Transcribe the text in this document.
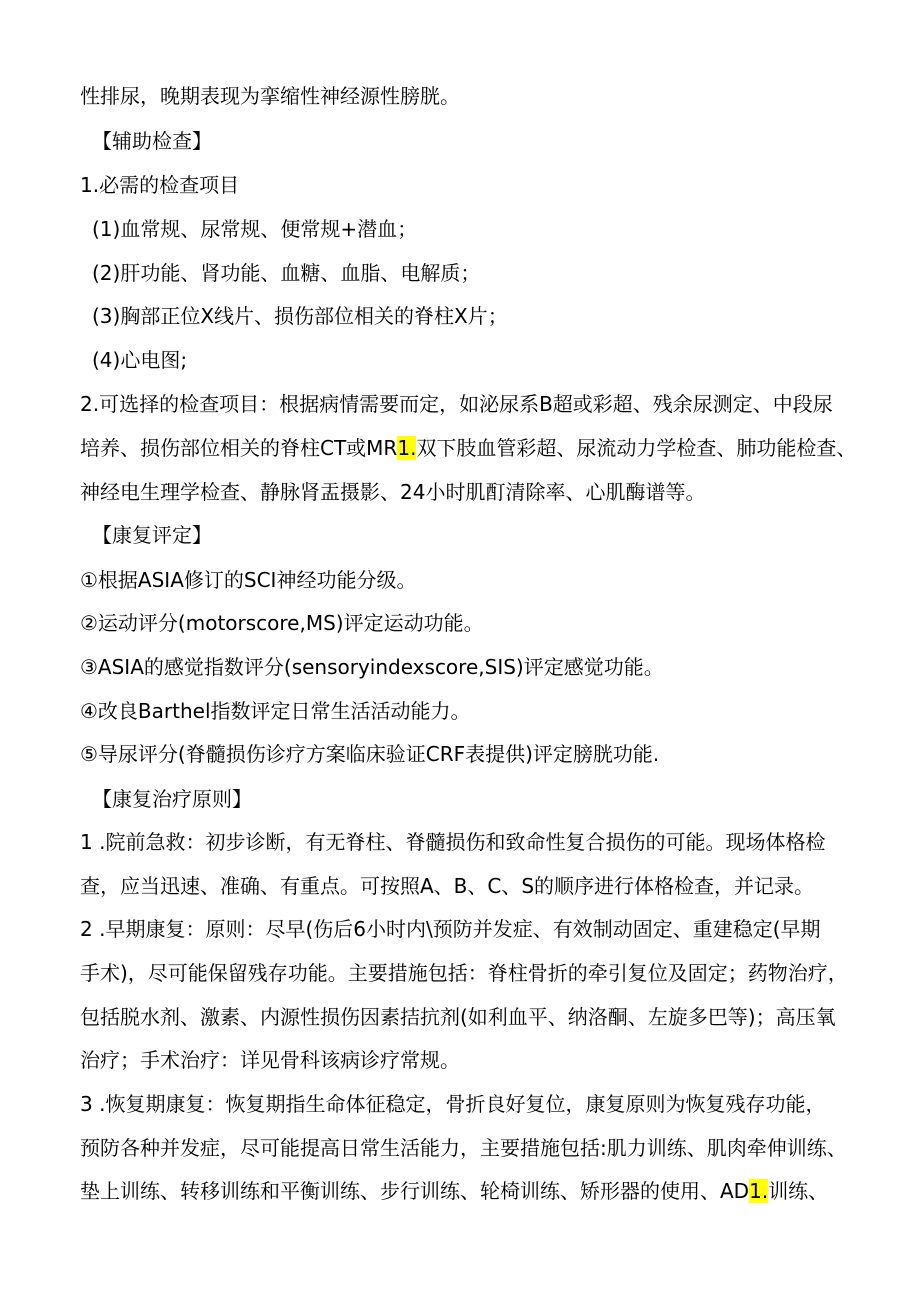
性排尿，晚期表现为挛缩性神经源性膀胱。
【辅助检查】
1.必需的检查项目
(1)血常规、尿常规、便常规+潜血；
(2)肝功能、肾功能、血糖、血脂、电解质；
(3)胸部正位X线片、损伤部位相关的脊柱X片；
(4)心电图;
2.可选择的检查项目：根据病情需要而定，如泌尿系B超或彩超、残余尿测定、中段尿
培养、损伤部位相关的脊柱CT或MR1.双下肢血管彩超、尿流动力学检查、肺功能检查、
神经电生理学检查、静脉肾盂摄影、24小时肌酊清除率、心肌酶谱等。
【康复评定】
①根据ASIA修订的SCI神经功能分级。
②运动评分(motorscore,MS)评定运动功能。
③ASIA的感觉指数评分(sensoryindexscore,SIS)评定感觉功能。
④改良Barthel指数评定日常生活活动能力。
⑤导尿评分(脊髓损伤诊疗方案临床验证CRF表提供)评定膀胱功能.
【康复治疗原则】
1 .院前急救：初步诊断，有无脊柱、脊髓损伤和致命性复合损伤的可能。现场体格检
查，应当迅速、准确、有重点。可按照A、B、C、S的顺序进行体格检查，并记录。
2 .早期康复：原则：尽早(伤后6小时内\预防并发症、有效制动固定、重建稳定(早期
手术)，尽可能保留残存功能。主要措施包括：脊柱骨折的牵引复位及固定；药物治疗，
包括脱水剂、激素、内源性损伤因素拮抗剂(如利血平、纳洛酮、左旋多巴等)；高压氧
治疗；手术治疗：详见骨科该病诊疗常规。
3 .恢复期康复：恢复期指生命体征稳定，骨折良好复位，康复原则为恢复残存功能，
预防各种并发症，尽可能提高日常生活能力，主要措施包括:肌力训练、肌肉牵伸训练、
垫上训练、转移训练和平衡训练、步行训练、轮椅训练、矫形器的使用、AD1.训练、
